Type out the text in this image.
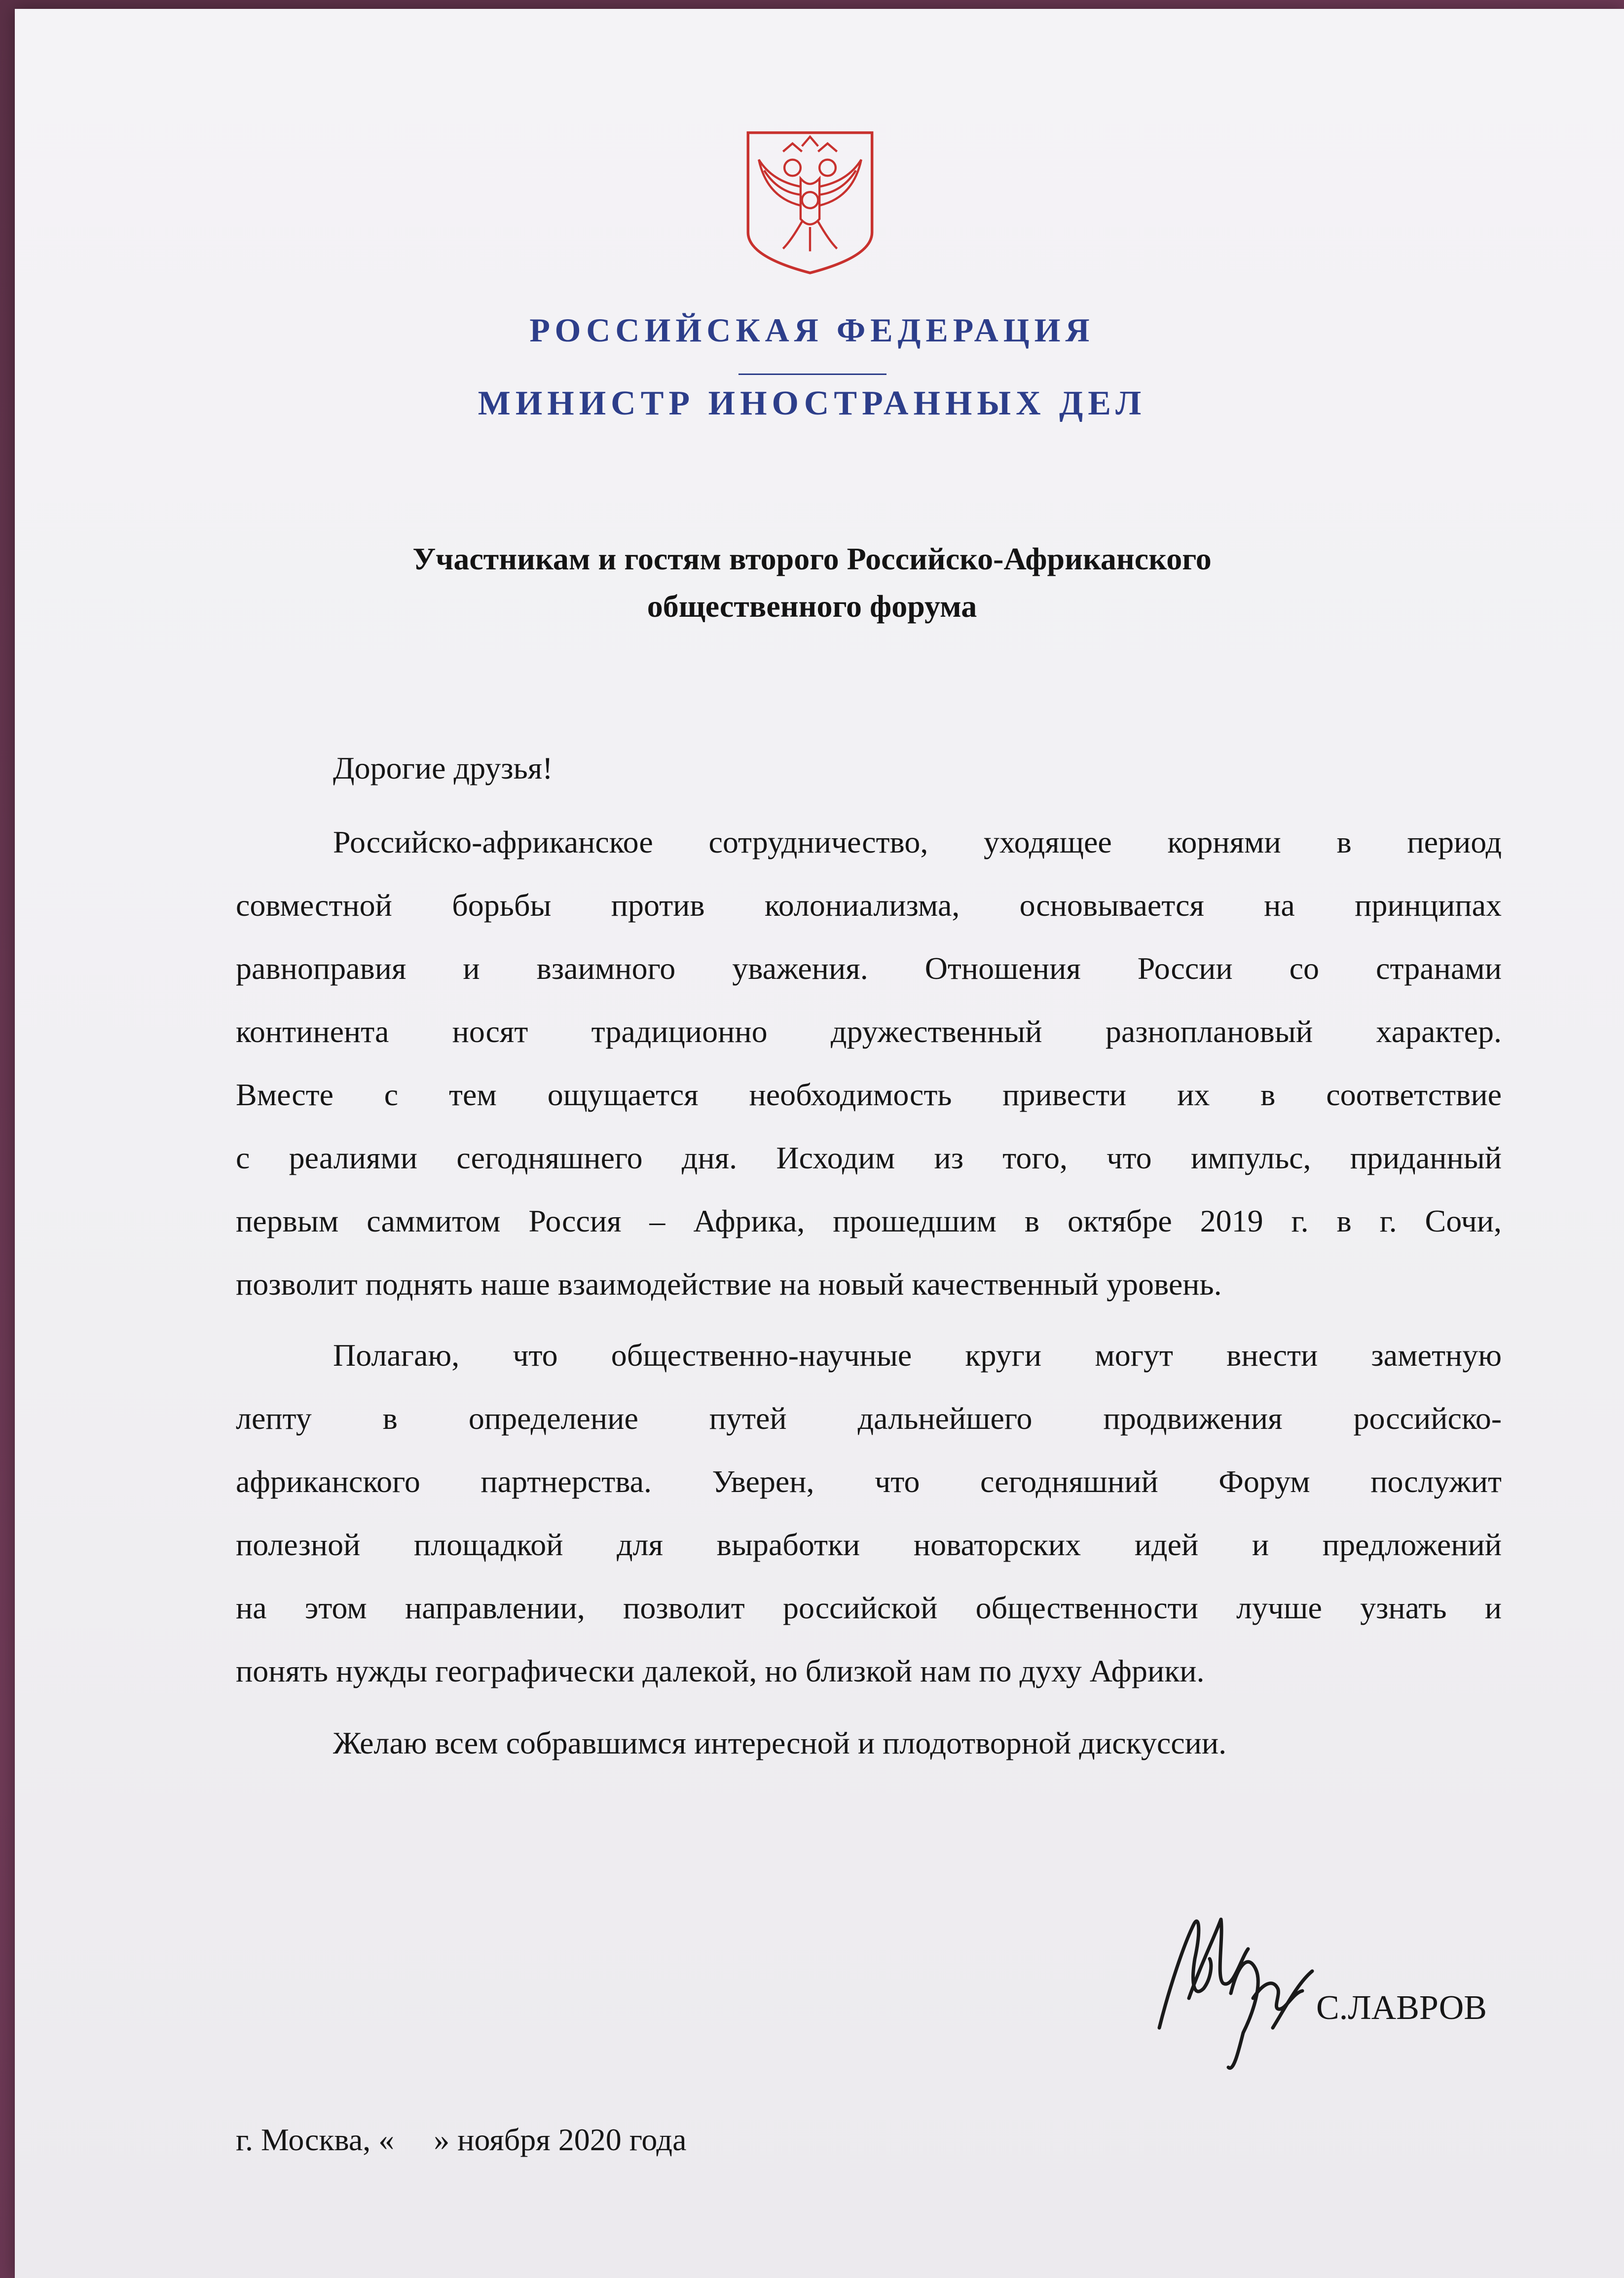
РОССИЙСКАЯ ФЕДЕРАЦИЯ
МИНИСТР ИНОСТРАННЫХ ДЕЛ
Участникам и гостям второго Российско-Африканского
общественного форума
Дорогие друзья!
Российско-африканское сотрудничество, уходящее корнями в период
совместной борьбы против колониализма, основывается на принципах
равноправия и взаимного уважения. Отношения России со странами
континента носят традиционно дружественный разноплановый характер.
Вместе с тем ощущается необходимость привести их в соответствие
с реалиями сегодняшнего дня. Исходим из того, что импульс, приданный
первым саммитом Россия – Африка, прошедшим в октябре 2019 г. в г. Сочи,
позволит поднять наше взаимодействие на новый качественный уровень.
Полагаю, что общественно-научные круги могут внести заметную
лепту в определение путей дальнейшего продвижения российско-
африканского партнерства. Уверен, что сегодняшний Форум послужит
полезной площадкой для выработки новаторских идей и предложений
на этом направлении, позволит российской общественности лучше узнать и
понять нужды географически далекой, но близкой нам по духу Африки.
Желаю всем собравшимся интересной и плодотворной дискуссии.
С.ЛАВРОВ
г. Москва, «     » ноября 2020 года
